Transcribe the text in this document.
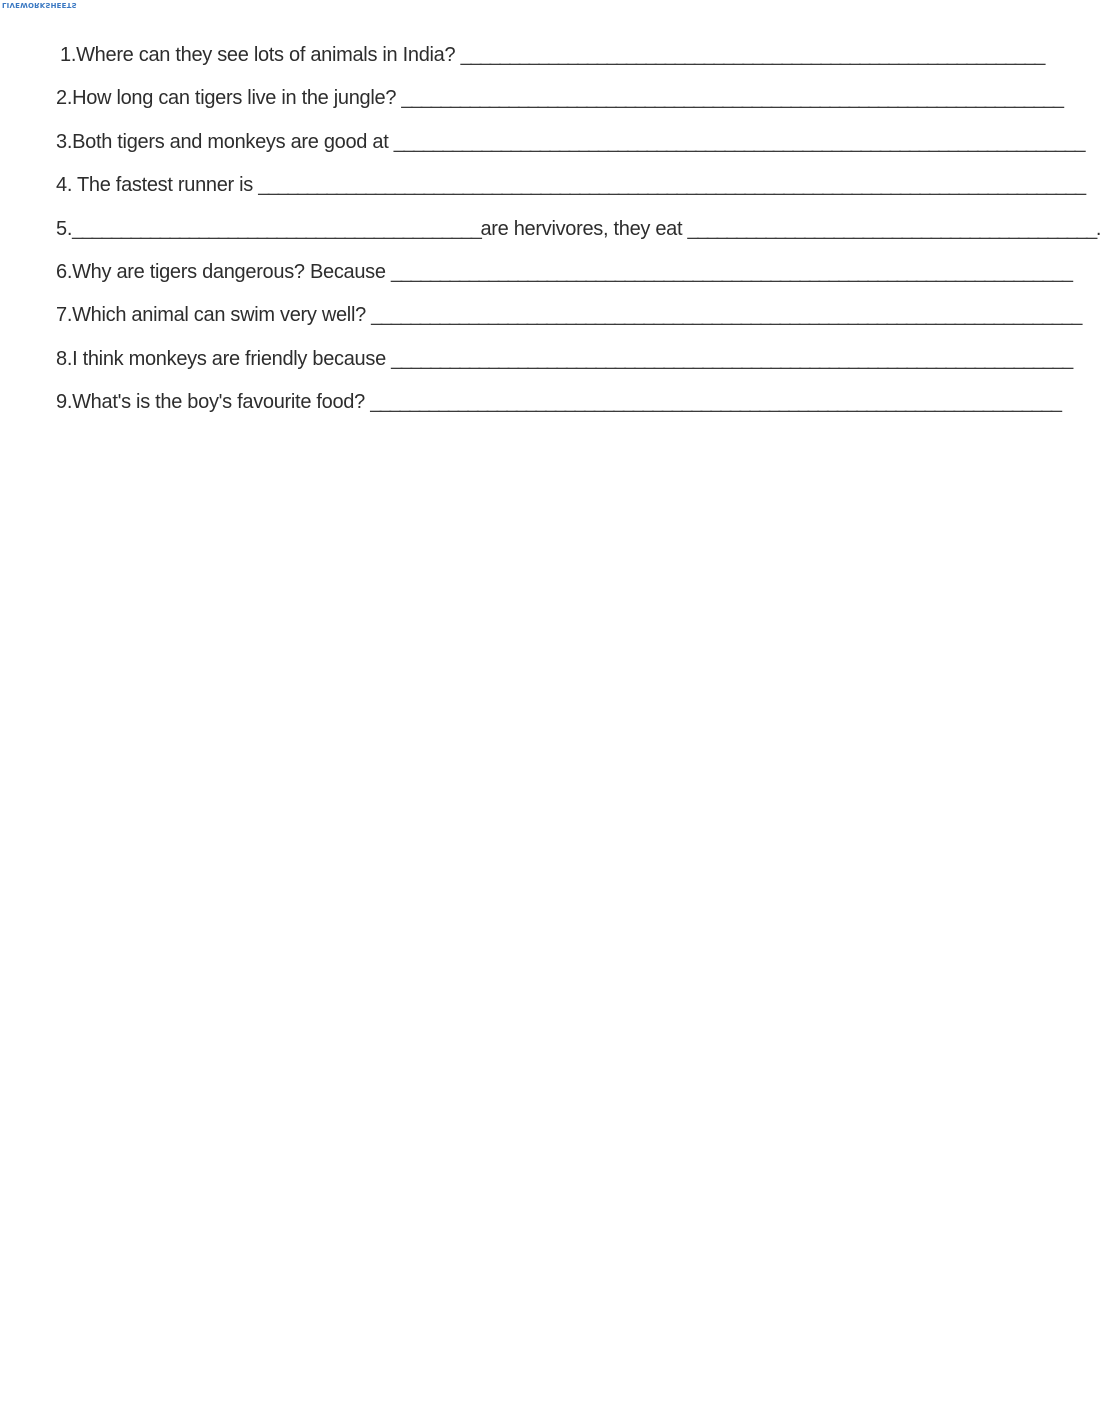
LIVEWORKSHEETS
1.Where can they see lots of animals in India? ____________________________________________________________
2.How long can tigers live in the jungle? ____________________________________________________________________
3.Both tigers and monkeys are good at _______________________________________________________________________
4. The fastest runner is _____________________________________________________________________________________
5.__________________________________________are hervivores, they eat __________________________________________.
6.Why are tigers dangerous? Because ______________________________________________________________________
7.Which animal can swim very well? _________________________________________________________________________
8.I think monkeys are friendly because ______________________________________________________________________
9.What's is the boy's favourite food? _______________________________________________________________________
